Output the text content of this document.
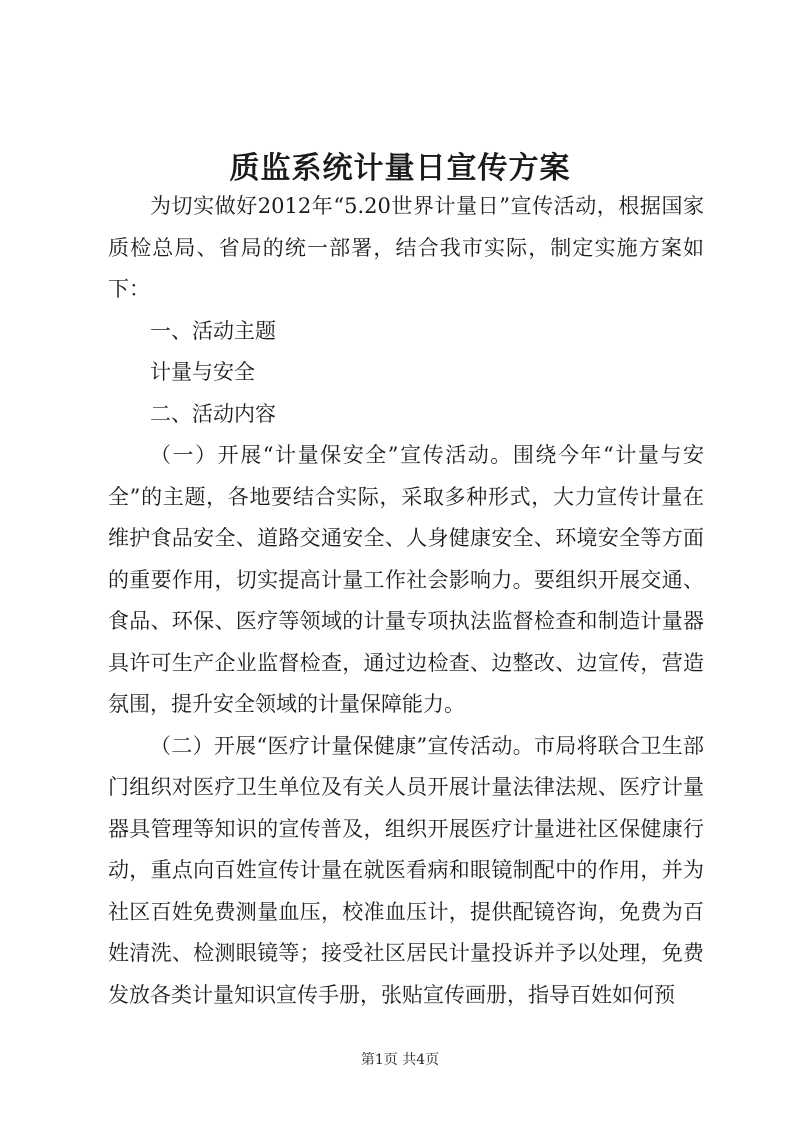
质监系统计量日宣传方案

为切实做好2012年“5.20世界计量日”宣传活动，根据国家质检总局、省局的统一部署，结合我市实际，制定实施方案如下：

一、活动主题

计量与安全

二、活动内容

（一）开展“计量保安全”宣传活动。围绕今年“计量与安全”的主题，各地要结合实际，采取多种形式，大力宣传计量在维护食品安全、道路交通安全、人身健康安全、环境安全等方面的重要作用，切实提高计量工作社会影响力。要组织开展交通、食品、环保、医疗等领域的计量专项执法监督检查和制造计量器具许可生产企业监督检查，通过边检查、边整改、边宣传，营造氛围，提升安全领域的计量保障能力。

（二）开展“医疗计量保健康”宣传活动。市局将联合卫生部门组织对医疗卫生单位及有关人员开展计量法律法规、医疗计量器具管理等知识的宣传普及，组织开展医疗计量进社区保健康行动，重点向百姓宣传计量在就医看病和眼镜制配中的作用，并为社区百姓免费测量血压，校准血压计，提供配镜咨询，免费为百姓清洗、检测眼镜等；接受社区居民计量投诉并予以处理，免费发放各类计量知识宣传手册，张贴宣传画册，指导百姓如何预

第1页 共4页
